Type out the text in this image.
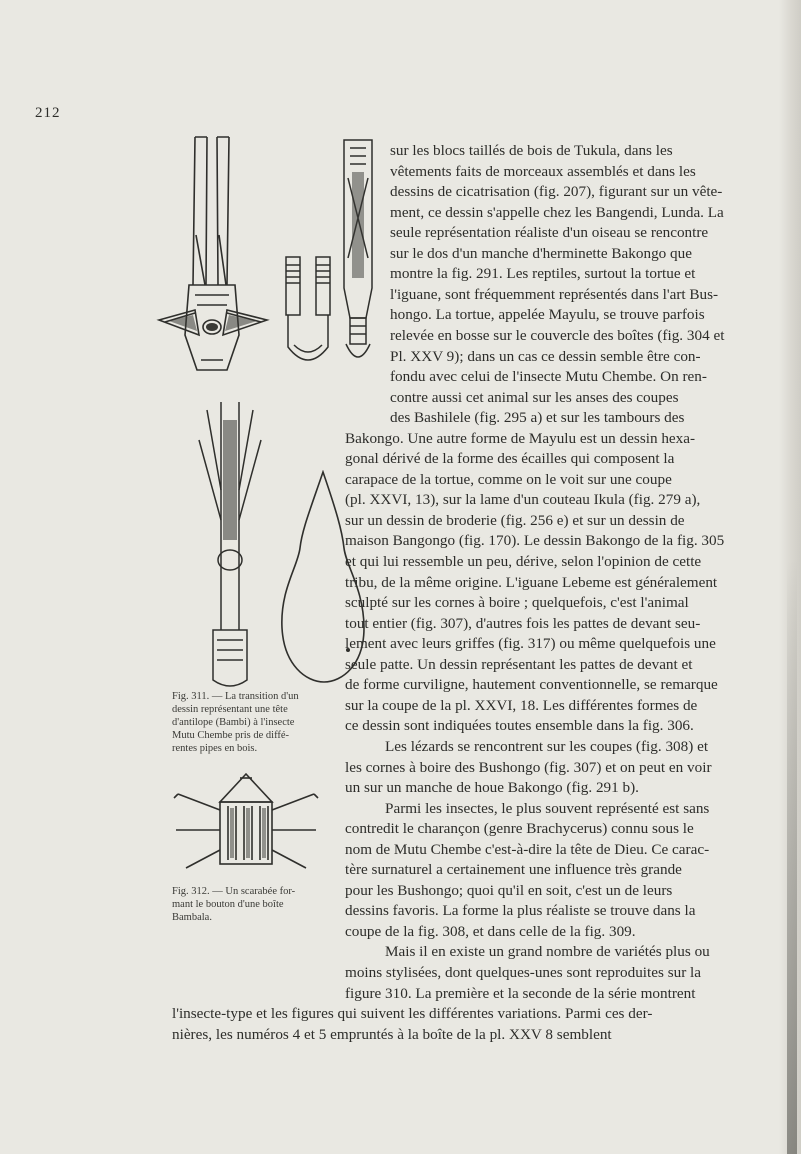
212
Fig. 311. — La transition d'un
dessin représentant une tête
d'antilope (Bambi) à l'insecte
Mutu Chembe pris de diffé-
rentes pipes en bois.
Fig. 312. — Un scarabée for-
mant le bouton d'une boîte
Bambala.
sur les blocs taillés de bois de Tukula, dans les
vêtements faits de morceaux assemblés et dans les
dessins de cicatrisation (fig. 207), figurant sur un vête-
ment, ce dessin s'appelle chez les Bangendi, Lunda. La
seule représentation réaliste d'un oiseau se rencontre
sur le dos d'un manche d'herminette Bakongo que
montre la fig. 291. Les reptiles, surtout la tortue et
l'iguane, sont fréquemment représentés dans l'art Bus-
hongo. La tortue, appelée Mayulu, se trouve parfois
relevée en bosse sur le couvercle des boîtes (fig. 304 et
Pl. XXV 9); dans un cas ce dessin semble être con-
fondu avec celui de l'insecte Mutu Chembe. On ren-
contre aussi cet animal sur les anses des coupes
des Bashilele (fig. 295 a) et sur les tambours des
Bakongo. Une autre forme de Mayulu est un dessin hexa-
gonal dérivé de la forme des écailles qui composent la
carapace de la tortue, comme on le voit sur une coupe
(pl. XXVI, 13), sur la lame d'un couteau Ikula (fig. 279 a),
sur un dessin de broderie (fig. 256 e) et sur un dessin de
maison Bangongo (fig. 170). Le dessin Bakongo de la fig. 305
et qui lui ressemble un peu, dérive, selon l'opinion de cette
tribu, de la même origine. L'iguane Lebeme est généralement
sculpté sur les cornes à boire ; quelquefois, c'est l'animal
tout entier (fig. 307), d'autres fois les pattes de devant seu-
lement avec leurs griffes (fig. 317) ou même quelquefois une
seule patte. Un dessin représentant les pattes de devant et
de forme curviligne, hautement conventionnelle, se remarque
sur la coupe de la pl. XXVI, 18. Les différentes formes de
ce dessin sont indiquées toutes ensemble dans la fig. 306.
Les lézards se rencontrent sur les coupes (fig. 308) et
les cornes à boire des Bushongo (fig. 307) et on peut en voir
un sur un manche de houe Bakongo (fig. 291 b).
Parmi les insectes, le plus souvent représenté est sans
contredit le charançon (genre Brachycerus) connu sous le
nom de Mutu Chembe c'est-à-dire la tête de Dieu. Ce carac-
tère surnaturel a certainement une influence très grande
pour les Bushongo; quoi qu'il en soit, c'est un de leurs
dessins favoris. La forme la plus réaliste se trouve dans la
coupe de la fig. 308, et dans celle de la fig. 309.
Mais il en existe un grand nombre de variétés plus ou
moins stylisées, dont quelques-unes sont reproduites sur la
figure 310. La première et la seconde de la série montrent
l'insecte-type et les figures qui suivent les différentes variations. Parmi ces der-
nières, les numéros 4 et 5 empruntés à la boîte de la pl. XXV 8 semblent
